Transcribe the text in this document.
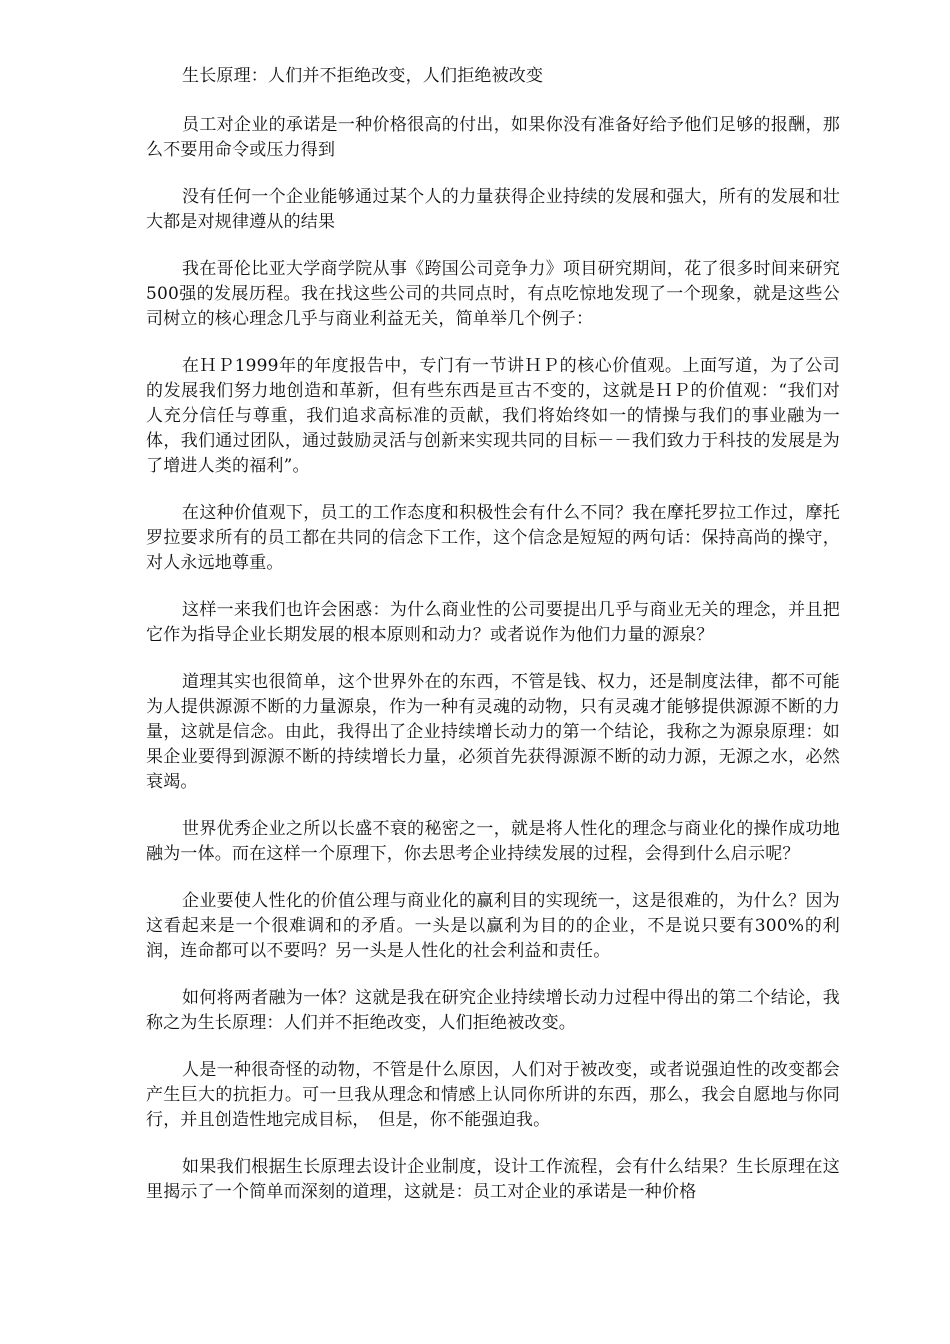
生长原理：人们并不拒绝改变，人们拒绝被改变

员工对企业的承诺是一种价格很高的付出，如果你没有准备好给予他们足够的报酬，那么不要用命令或压力得到

没有任何一个企业能够通过某个人的力量获得企业持续的发展和强大，所有的发展和壮大都是对规律遵从的结果

我在哥伦比亚大学商学院从事《跨国公司竞争力》项目研究期间，花了很多时间来研究500强的发展历程。我在找这些公司的共同点时，有点吃惊地发现了一个现象，就是这些公司树立的核心理念几乎与商业利益无关，简单举几个例子：

在ＨＰ1999年的年度报告中，专门有一节讲ＨＰ的核心价值观。上面写道，为了公司的发展我们努力地创造和革新，但有些东西是亘古不变的，这就是ＨＰ的价值观：“我们对人充分信任与尊重，我们追求高标准的贡献，我们将始终如一的情操与我们的事业融为一体，我们通过团队，通过鼓励灵活与创新来实现共同的目标－－我们致力于科技的发展是为了增进人类的福利”。

在这种价值观下，员工的工作态度和积极性会有什么不同？我在摩托罗拉工作过，摩托罗拉要求所有的员工都在共同的信念下工作，这个信念是短短的两句话：保持高尚的操守，对人永远地尊重。

这样一来我们也许会困惑：为什么商业性的公司要提出几乎与商业无关的理念，并且把它作为指导企业长期发展的根本原则和动力？或者说作为他们力量的源泉？

道理其实也很简单，这个世界外在的东西，不管是钱、权力，还是制度法律，都不可能为人提供源源不断的力量源泉，作为一种有灵魂的动物，只有灵魂才能够提供源源不断的力量，这就是信念。由此，我得出了企业持续增长动力的第一个结论，我称之为源泉原理：如果企业要得到源源不断的持续增长力量，必须首先获得源源不断的动力源，无源之水，必然衰竭。

世界优秀企业之所以长盛不衰的秘密之一，就是将人性化的理念与商业化的操作成功地融为一体。而在这样一个原理下，你去思考企业持续发展的过程，会得到什么启示呢？

企业要使人性化的价值公理与商业化的赢利目的实现统一，这是很难的，为什么？因为这看起来是一个很难调和的矛盾。一头是以赢利为目的的企业，不是说只要有300%的利润，连命都可以不要吗？另一头是人性化的社会利益和责任。

如何将两者融为一体？这就是我在研究企业持续增长动力过程中得出的第二个结论，我称之为生长原理：人们并不拒绝改变，人们拒绝被改变。

人是一种很奇怪的动物，不管是什么原因，人们对于被改变，或者说强迫性的改变都会产生巨大的抗拒力。可一旦我从理念和情感上认同你所讲的东西，那么，我会自愿地与你同行，并且创造性地完成目标，　但是，你不能强迫我。

如果我们根据生长原理去设计企业制度，设计工作流程，会有什么结果？生长原理在这里揭示了一个简单而深刻的道理，这就是：员工对企业的承诺是一种价格
